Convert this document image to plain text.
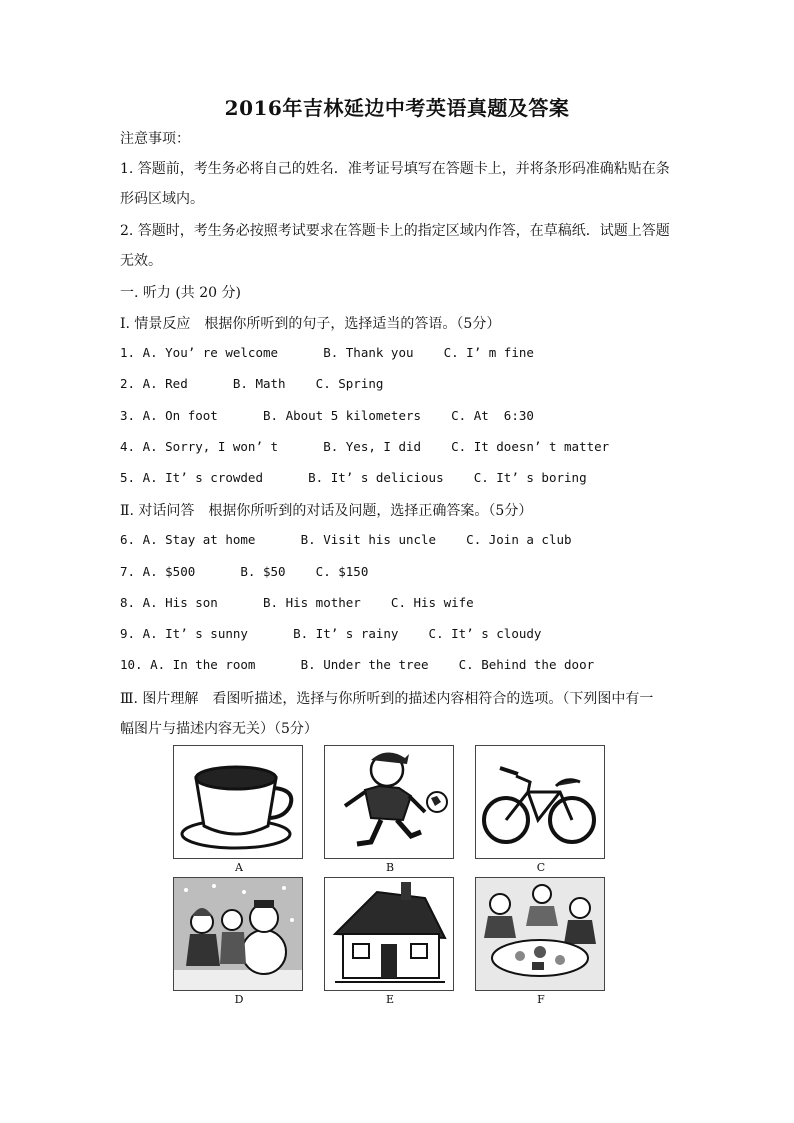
2016年吉林延边中考英语真题及答案
注意事项：
1. 答题前，考生务必将自己的姓名．准考证号填写在答题卡上，并将条形码准确粘贴在条
形码区域内。
2. 答题时，考生务必按照考试要求在答题卡上的指定区域内作答，在草稿纸．试题上答题
无效。
一. 听力 (共 20 分)
Ⅰ. 情景反应　根据你所听到的句子，选择适当的答语。（5分）
1. A. You’ re welcome      B. Thank you    C. I’ m fine
2. A. Red      B. Math    C. Spring
3. A. On foot      B. About 5 kilometers    C. At  6:30
4. A. Sorry, I won’ t      B. Yes, I did    C. It doesn’ t matter
5. A. It’ s crowded      B. It’ s delicious    C. It’ s boring
Ⅱ. 对话问答　根据你所听到的对话及问题，选择正确答案。（5分）
6. A. Stay at home      B. Visit his uncle    C. Join a club
7. A. $500      B. $50    C. $150
8. A. His son      B. His mother    C. His wife
9. A. It’ s sunny      B. It’ s rainy    C. It’ s cloudy
10. A. In the room      B. Under the tree    C. Behind the door
Ⅲ. 图片理解　看图听描述，选择与你所听到的描述内容相符合的选项。（下列图中有一
幅图片与描述内容无关）（5分）
A	B	C
D	E	F
